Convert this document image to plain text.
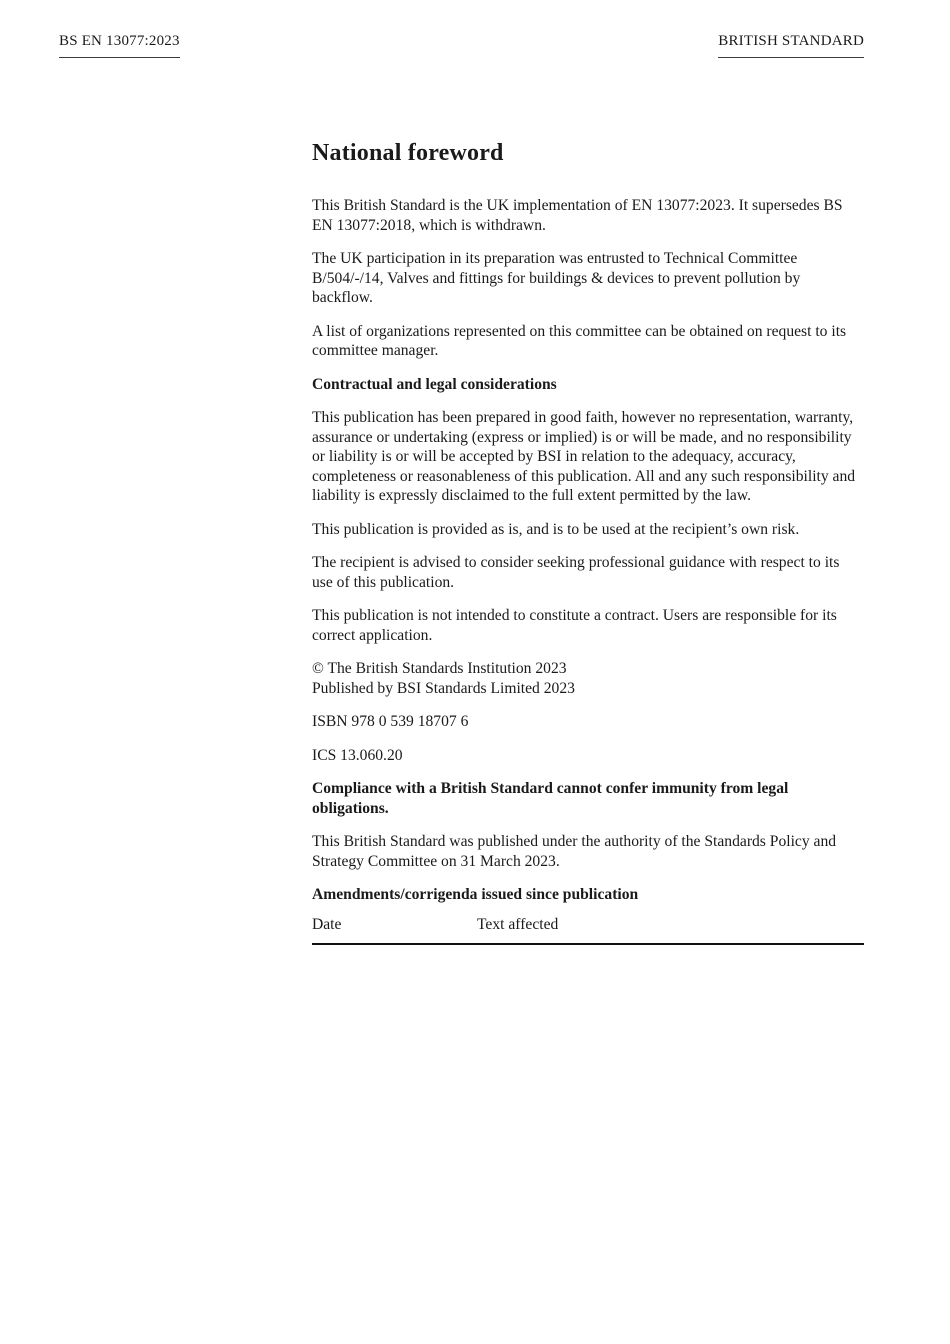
BS EN 13077:2023	BRITISH STANDARD
National foreword

This British Standard is the UK implementation of EN 13077:2023. It supersedes BS EN 13077:2018, which is withdrawn.

The UK participation in its preparation was entrusted to Technical Committee B/504/-/14, Valves and fittings for buildings & devices to prevent pollution by backflow.

A list of organizations represented on this committee can be obtained on request to its committee manager.

Contractual and legal considerations

This publication has been prepared in good faith, however no representation, warranty, assurance or undertaking (express or implied) is or will be made, and no responsibility or liability is or will be accepted by BSI in relation to the adequacy, accuracy, completeness or reasonableness of this publication. All and any such responsibility and liability is expressly disclaimed to the full extent permitted by the law.

This publication is provided as is, and is to be used at the recipient’s own risk.

The recipient is advised to consider seeking professional guidance with respect to its use of this publication.

This publication is not intended to constitute a contract. Users are responsible for its correct application.

© The British Standards Institution 2023
Published by BSI Standards Limited 2023

ISBN 978 0 539 18707 6

ICS 13.060.20

Compliance with a British Standard cannot confer immunity from legal obligations.

This British Standard was published under the authority of the Standards Policy and Strategy Committee on 31 March 2023.

Amendments/corrigenda issued since publication
Date	Text affected
